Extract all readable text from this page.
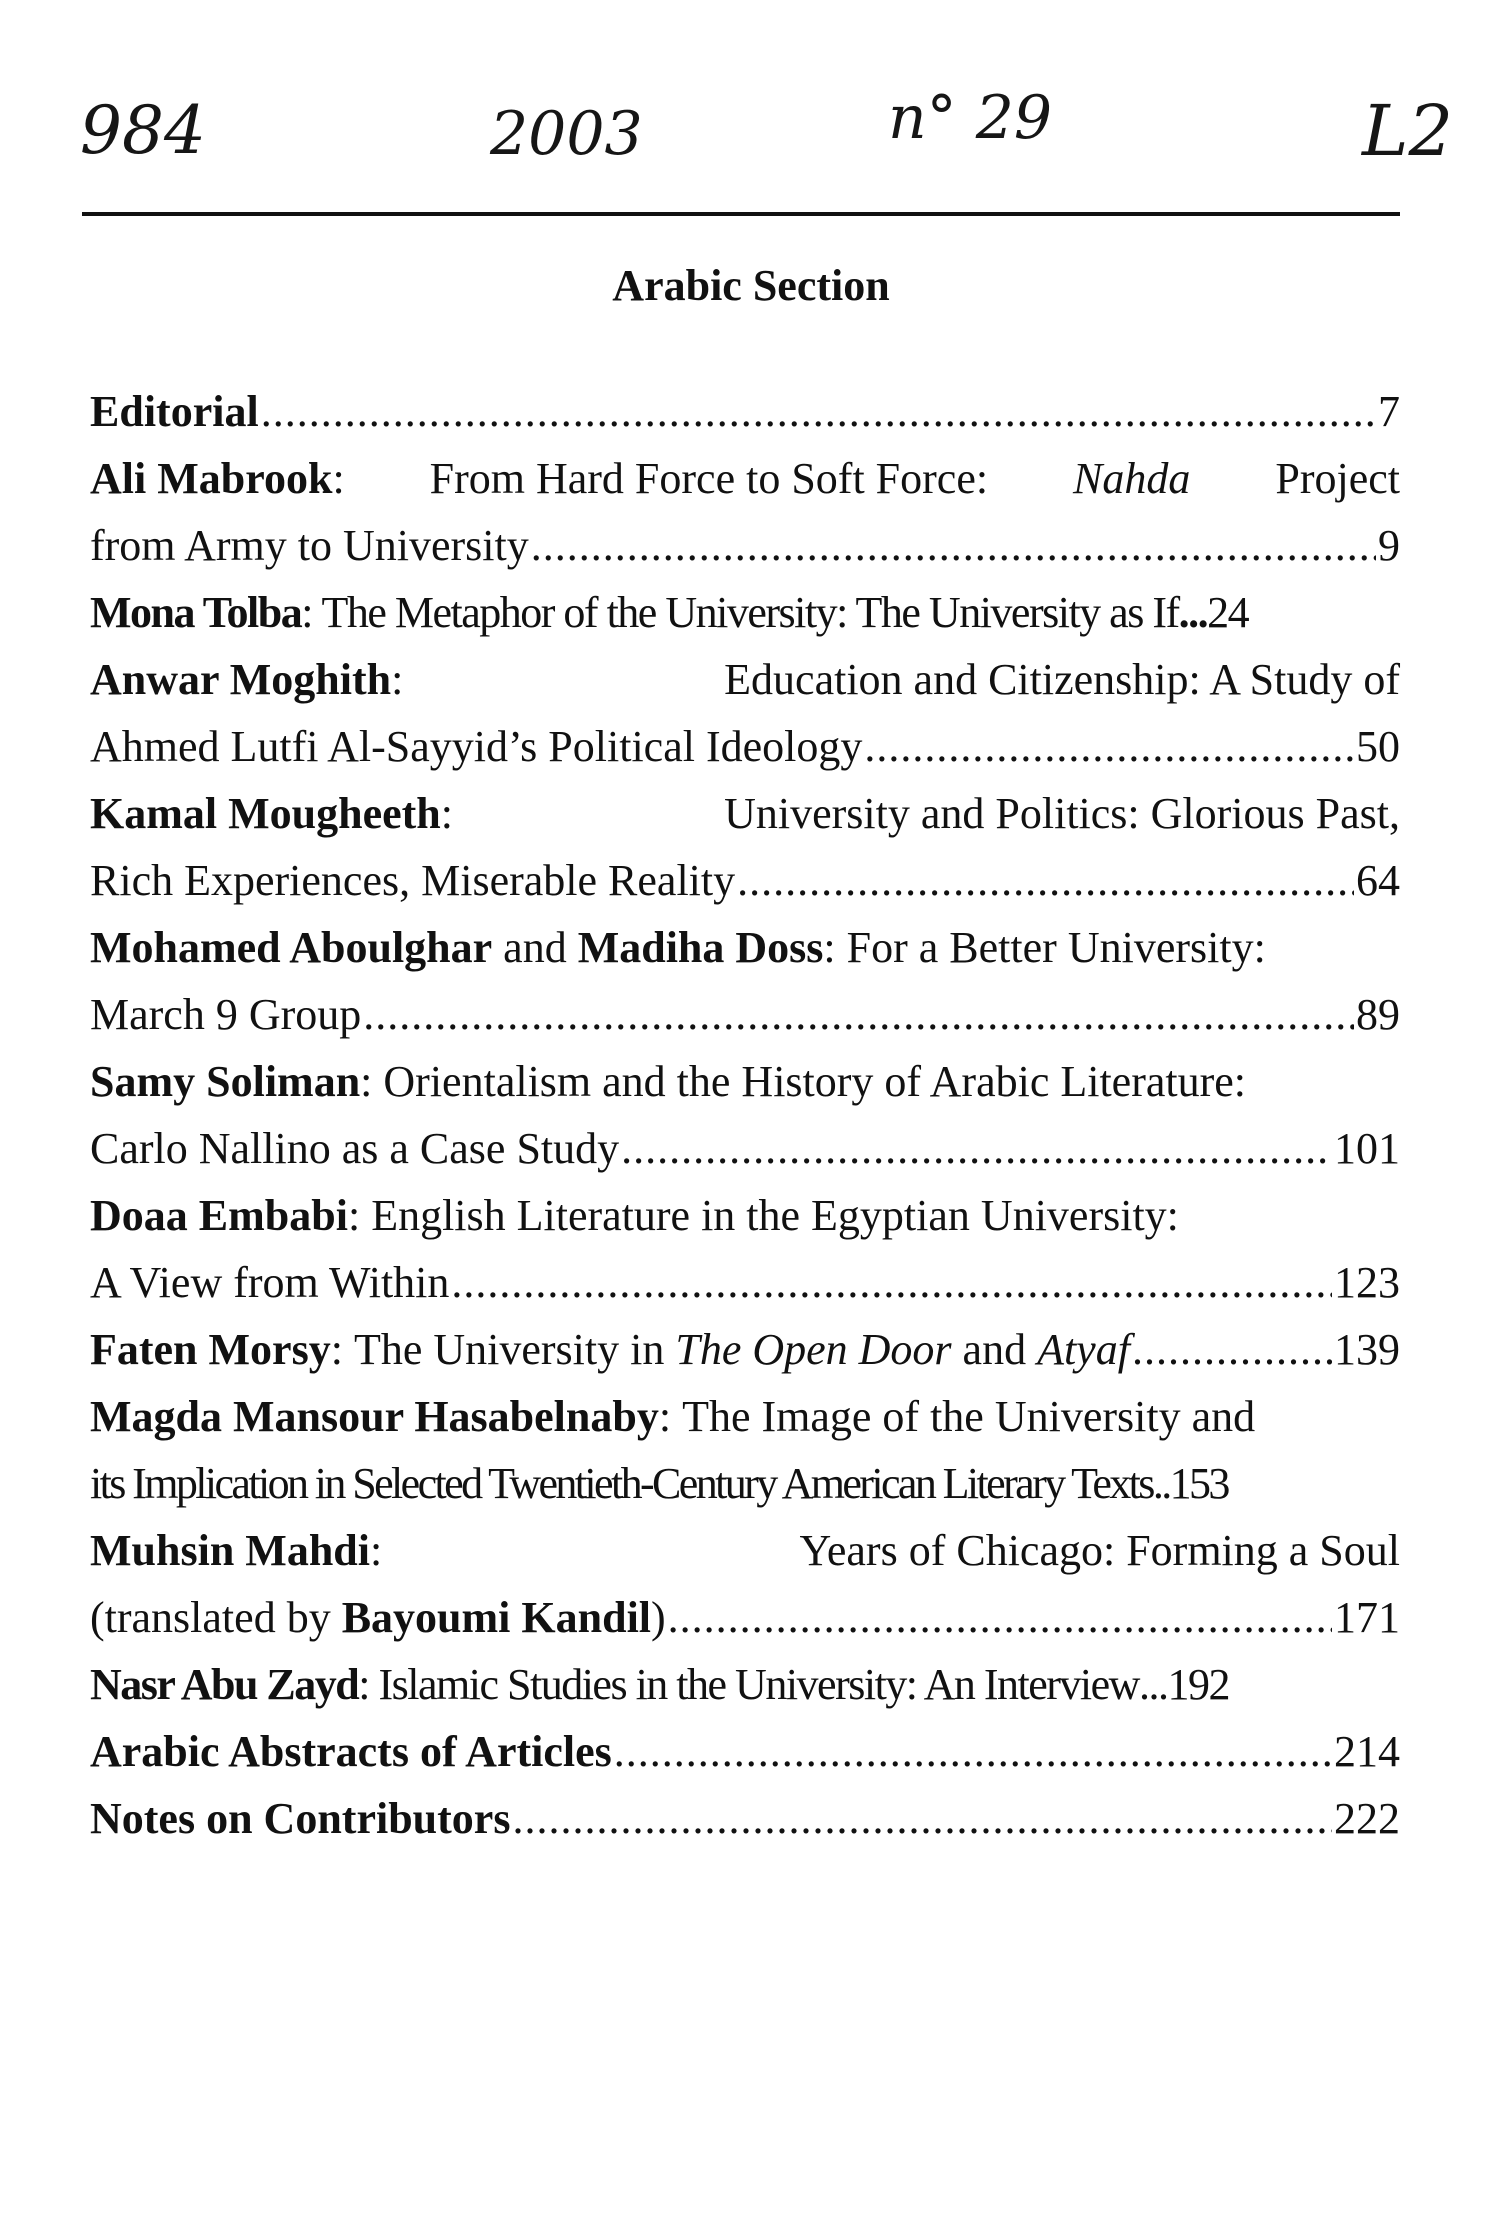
984	2003	n° 29	L2
Arabic Section
Editorial . . .	7
Ali Mabrook: From Hard Force to Soft Force: Nahda Project
from Army to University . . .	9
Mona Tolba : The Metaphor of the University: The University as If ... 24
Anwar Moghith:	Education and Citizenship: A Study of
Ahmed Lutfi Al-Sayyid’s Political Ideology . . .	50
Kamal Mougheeth:	University and Politics: Glorious Past,
Rich Experiences, Miserable Reality . . .	64
Mohamed Aboulghar
and
Madiha Doss : For a Better University:
March 9 Group . . .	89
Samy Soliman : Orientalism and the History of Arabic Literature:
Carlo Nallino as a Case Study . . .	101
Doaa Embabi : English Literature in the Egyptian University:
A View from Within . . .	123
Faten Morsy : The University in
The Open Door
and
Atyaf . . .	139
Magda Mansour Hasabelnaby : The Image of the University and
its Implication in Selected Twentieth-Century American Literary Texts .. 153
Muhsin Mahdi:	Years of Chicago: Forming a Soul
(translated by
Bayoumi Kandil ) . . .	171
Nasr Abu Zayd : Islamic Studies in the University: An Interview ... 192
Arabic Abstracts of Articles . . .	214
Notes on Contributors . . .	222
